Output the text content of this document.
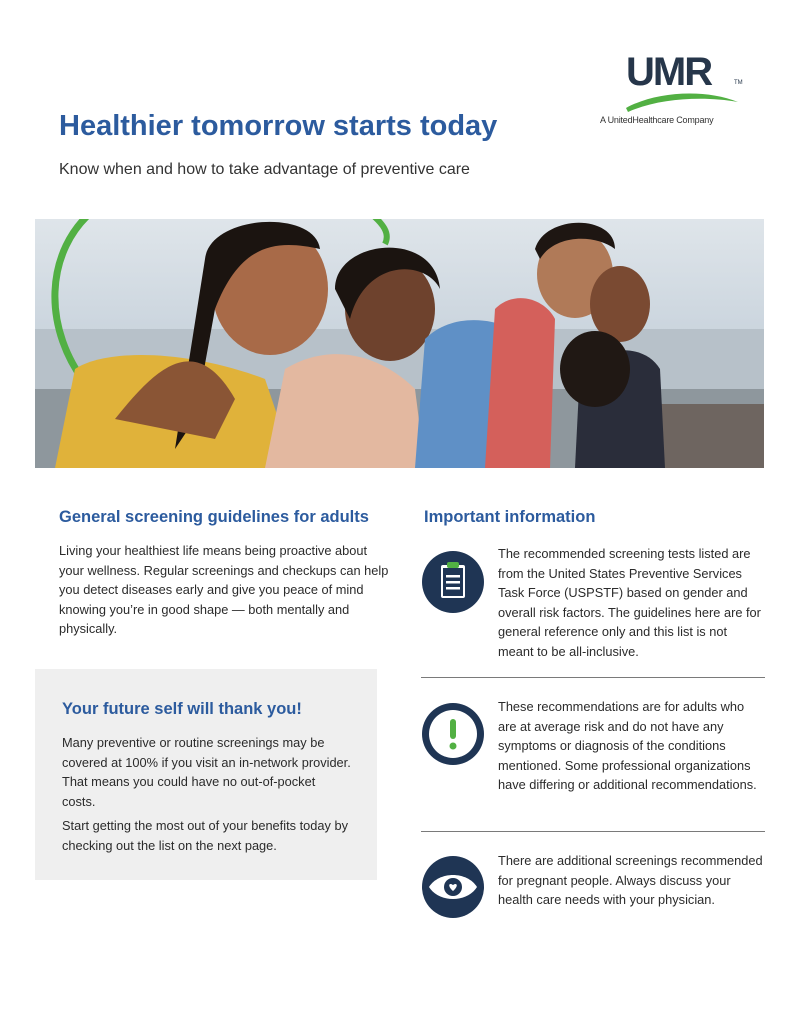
UMR	TM
A UnitedHealthcare Company
Healthier tomorrow starts today

Know when and how to take advantage of preventive care

General screening guidelines for adults

Living your healthiest life means being proactive about your wellness. Regular screenings and checkups can help you detect diseases early and give you peace of mind knowing you’re in good shape — both mentally and physically.

Your future self will thank you!

Many preventive or routine screenings may be covered at 100% if you visit an in-network provider. That means you could have no out-of-pocket costs.

Start getting the most out of your benefits today by checking out the list on the next page.

Important information

The recommended screening tests listed are from the United States Preventive Services Task Force (USPSTF) based on gender and overall risk factors. The guidelines here are for general reference only and this list is not meant to be all-inclusive.

These recommendations are for adults who are at average risk and do not have any symptoms or diagnosis of the conditions mentioned. Some professional organizations have differing or additional recommendations.

There are additional screenings recommended for pregnant people. Always discuss your health care needs with your physician.
